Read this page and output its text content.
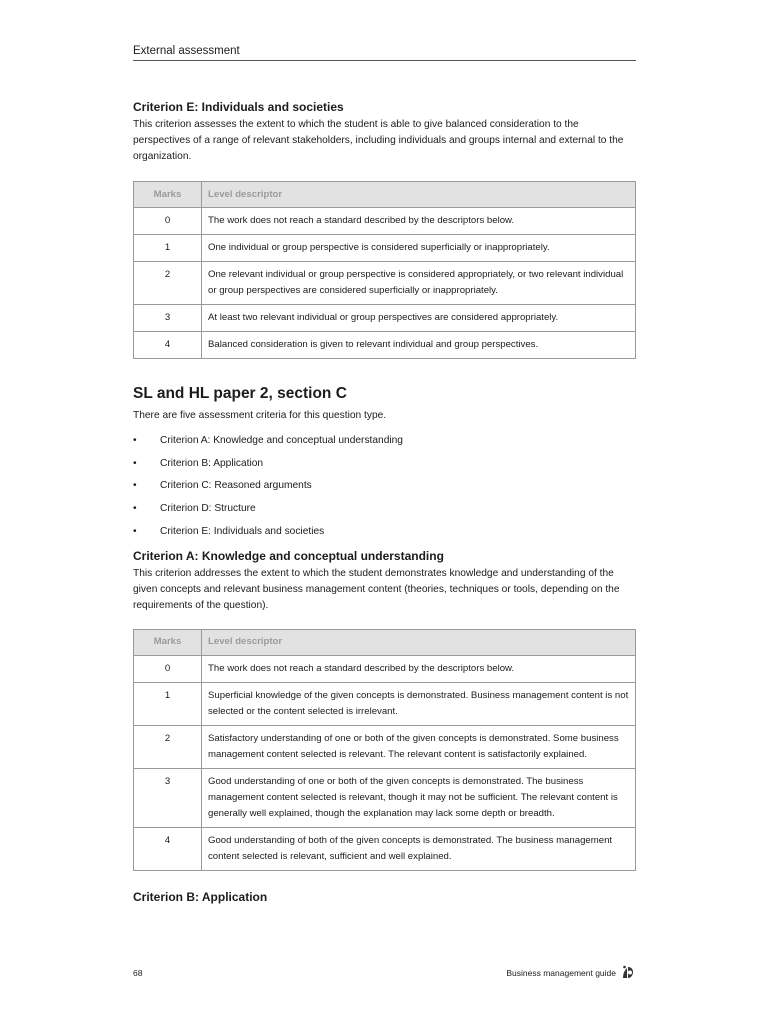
External assessment
Criterion E: Individuals and societies

This criterion assesses the extent to which the student is able to give balanced consideration to the perspectives of a range of relevant stakeholders, including individuals and groups internal and external to the organization.

Marks	Level descriptor
0	The work does not reach a standard described by the descriptors below.
1	One individual or group perspective is considered superficially or inappropriately.
2	One relevant individual or group perspective is considered appropriately, or two relevant individual or group perspectives are considered superficially or inappropriately.
3	At least two relevant individual or group perspectives are considered appropriately.
4	Balanced consideration is given to relevant individual and group perspectives.
SL and HL paper 2, section C

There are five assessment criteria for this question type.

• Criterion A: Knowledge and conceptual understanding
• Criterion B: Application
• Criterion C: Reasoned arguments
• Criterion D: Structure
• Criterion E: Individuals and societies
Criterion A: Knowledge and conceptual understanding

This criterion addresses the extent to which the student demonstrates knowledge and understanding of the given concepts and relevant business management content (theories, techniques or tools, depending on the requirements of the question).

Marks	Level descriptor
0	The work does not reach a standard described by the descriptors below.
1	Superficial knowledge of the given concepts is demonstrated. Business management content is not selected or the content selected is irrelevant.
2	Satisfactory understanding of one or both of the given concepts is demonstrated. Some business management content selected is relevant. The relevant content is satisfactorily explained.
3	Good understanding of one or both of the given concepts is demonstrated. The business management content selected is relevant, though it may not be sufficient. The relevant content is generally well explained, though the explanation may lack some depth or breadth.
4	Good understanding of both of the given concepts is demonstrated. The business management content selected is relevant, sufficient and well explained.
Criterion B: Application
68	Business management guide
